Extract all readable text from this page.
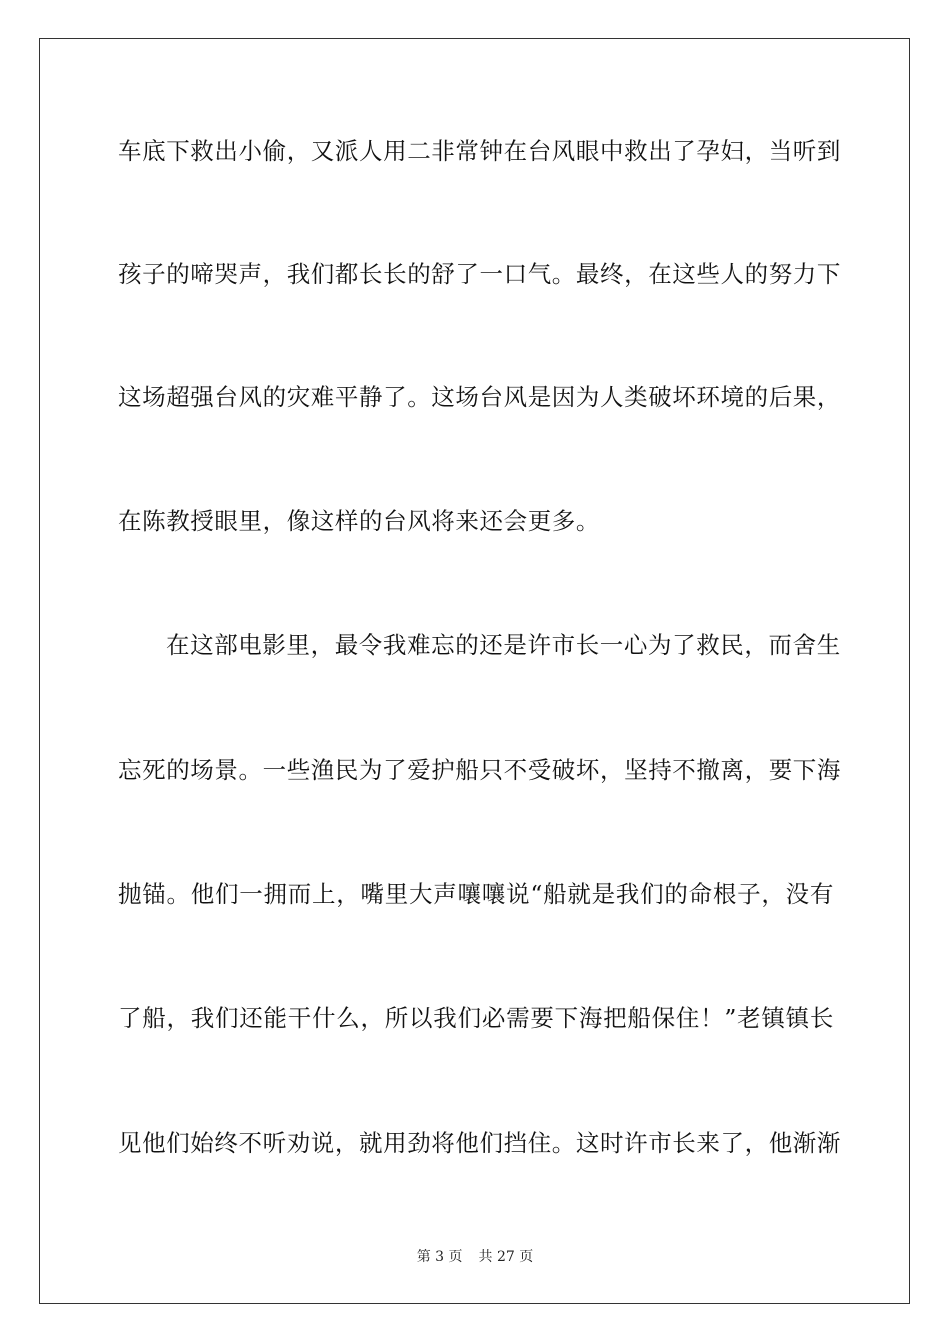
车底下救出小偷，又派人用二非常钟在台风眼中救出了孕妇，当听到

孩子的啼哭声，我们都长长的舒了一口气。最终，在这些人的努力下

这场超强台风的灾难平静了。这场台风是因为人类破坏环境的后果，

在陈教授眼里，像这样的台风将来还会更多。

在这部电影里，最令我难忘的还是许市长一心为了救民，而舍生

忘死的场景。一些渔民为了爱护船只不受破坏，坚持不撤离，要下海

抛锚。他们一拥而上，嘴里大声嚷嚷说“船就是我们的命根子，没有

了船，我们还能干什么，所以我们必需要下海把船保住！”老镇镇长

见他们始终不听劝说，就用劲将他们挡住。这时许市长来了，他渐渐

第 3 页 共 27 页
